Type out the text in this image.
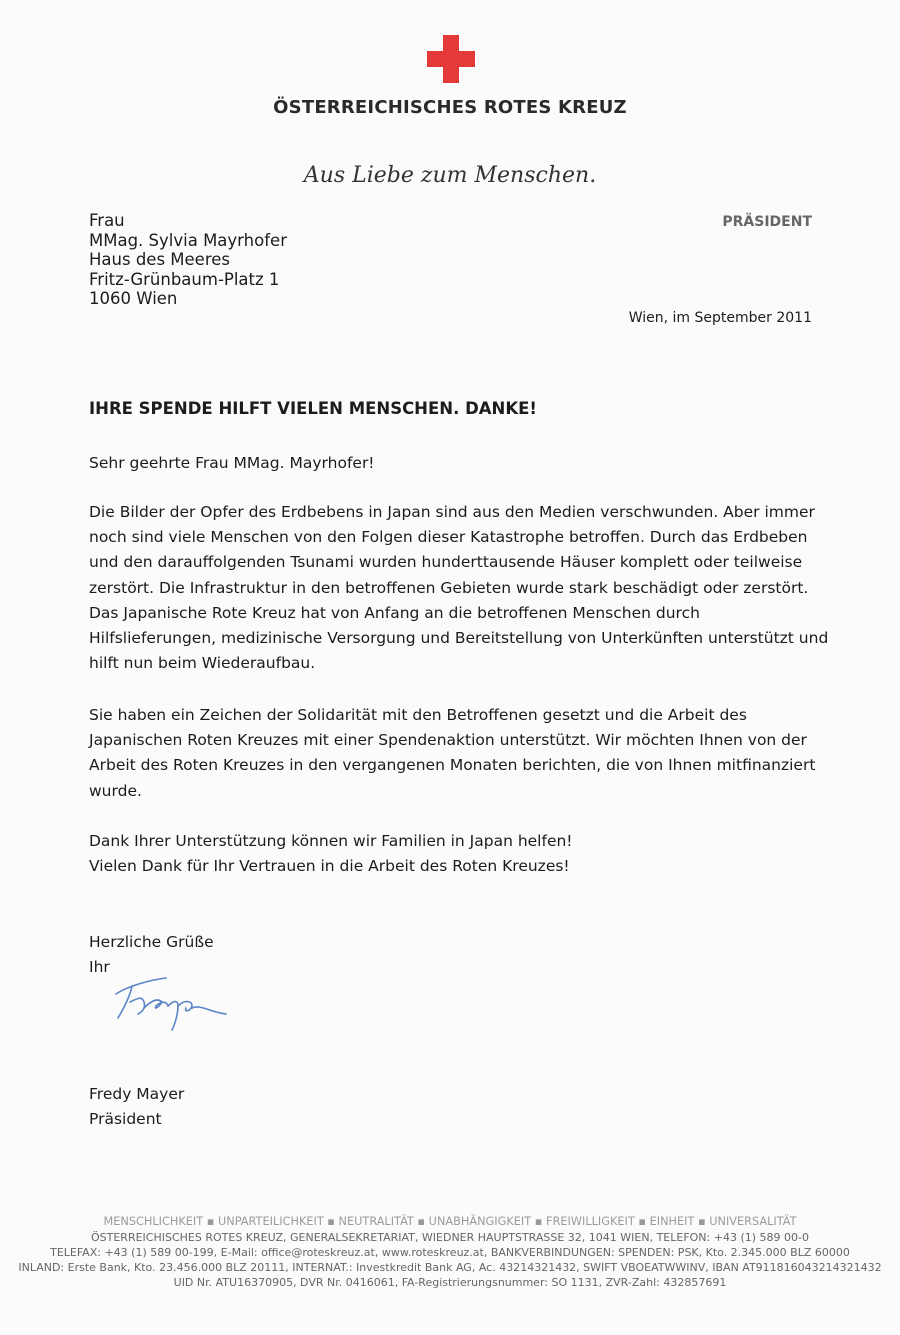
ÖSTERREICHISCHES ROTES KREUZ
Aus Liebe zum Menschen.
PRÄSIDENT
Frau
MMag. Sylvia Mayrhofer
Haus des Meeres
Fritz-Grünbaum-Platz 1
1060 Wien
Wien, im September 2011
IHRE SPENDE HILFT VIELEN MENSCHEN. DANKE!
Sehr geehrte Frau MMag. Mayrhofer!
Die Bilder der Opfer des Erdbebens in Japan sind aus den Medien verschwunden. Aber immer
noch sind viele Menschen von den Folgen dieser Katastrophe betroffen. Durch das Erdbeben
und den darauffolgenden Tsunami wurden hunderttausende Häuser komplett oder teilweise
zerstört. Die Infrastruktur in den betroffenen Gebieten wurde stark beschädigt oder zerstört.
Das Japanische Rote Kreuz hat von Anfang an die betroffenen Menschen durch
Hilfslieferungen, medizinische Versorgung und Bereitstellung von Unterkünften unterstützt und
hilft nun beim Wiederaufbau.
Sie haben ein Zeichen der Solidarität mit den Betroffenen gesetzt und die Arbeit des
Japanischen Roten Kreuzes mit einer Spendenaktion unterstützt. Wir möchten Ihnen von der
Arbeit des Roten Kreuzes in den vergangenen Monaten berichten, die von Ihnen mitfinanziert
wurde.
Dank Ihrer Unterstützung können wir Familien in Japan helfen!
Vielen Dank für Ihr Vertrauen in die Arbeit des Roten Kreuzes!
Herzliche Grüße
Ihr
Fredy Mayer
Präsident
MENSCHLICHKEIT ▪ UNPARTEILICHKEIT ▪ NEUTRALITÄT ▪ UNABHÄNGIGKEIT ▪ FREIWILLIGKEIT ▪ EINHEIT ▪ UNIVERSALITÄT
ÖSTERREICHISCHES ROTES KREUZ, GENERALSEKRETARIAT, WIEDNER HAUPTSTRASSE 32, 1041 WIEN, TELEFON: +43 (1) 589 00-0
TELEFAX: +43 (1) 589 00-199, E-Mail: office@roteskreuz.at, www.roteskreuz.at, BANKVERBINDUNGEN: SPENDEN: PSK, Kto. 2.345.000 BLZ 60000
INLAND: Erste Bank, Kto. 23.456.000 BLZ 20111, INTERNAT.: Investkredit Bank AG, Ac. 43214321432, SWIFT VBOEATWWINV, IBAN AT911816043214321432
UID Nr. ATU16370905, DVR Nr. 0416061, FA-Registrierungsnummer: SO 1131, ZVR-Zahl: 432857691
